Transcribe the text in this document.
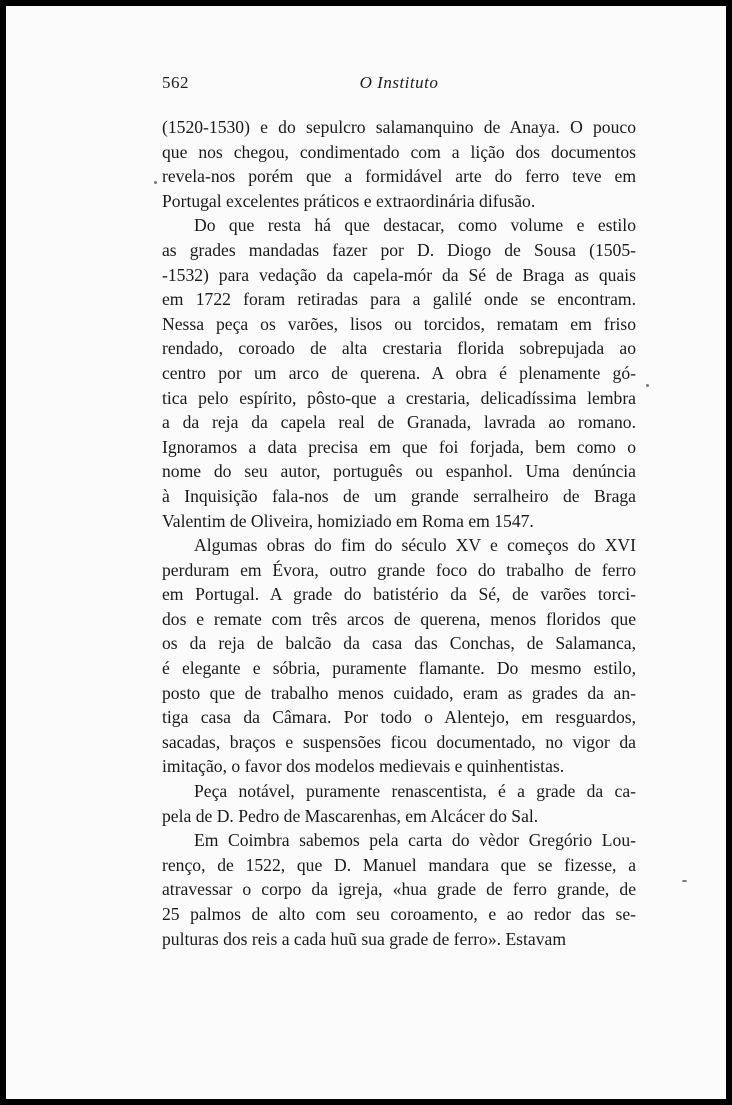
562	O Instituto
(1520-1530) e do sepulcro salamanquino de Anaya. O pouco
que nos chegou, condimentado com a lição dos documentos
revela-nos porém que a formidável arte do ferro teve em
Portugal excelentes práticos e extraordinária difusão.
Do que resta há que destacar, como volume e estilo
as grades mandadas fazer por D. Diogo de Sousa (1505-
-1532) para vedação da capela-mór da Sé de Braga as quais
em 1722 foram retiradas para a galilé onde se encontram.
Nessa peça os varões, lisos ou torcidos, rematam em friso
rendado, coroado de alta crestaria florida sobrepujada ao
centro por um arco de querena. A obra é plenamente gó-
tica pelo espírito, pôsto-que a crestaria, delicadíssima lembra
a da reja da capela real de Granada, lavrada ao romano.
Ignoramos a data precisa em que foi forjada, bem como o
nome do seu autor, português ou espanhol. Uma denúncia
à Inquisição fala-nos de um grande serralheiro de Braga
Valentim de Oliveira, homiziado em Roma em 1547.
Algumas obras do fim do século XV e começos do XVI
perduram em Évora, outro grande foco do trabalho de ferro
em Portugal. A grade do batistério da Sé, de varões torci-
dos e remate com três arcos de querena, menos floridos que
os da reja de balcão da casa das Conchas, de Salamanca,
é elegante e sóbria, puramente flamante. Do mesmo estilo,
posto que de trabalho menos cuidado, eram as grades da an-
tiga casa da Câmara. Por todo o Alentejo, em resguardos,
sacadas, braços e suspensões ficou documentado, no vigor da
imitação, o favor dos modelos medievais e quinhentistas.
Peça notável, puramente renascentista, é a grade da ca-
pela de D. Pedro de Mascarenhas, em Alcácer do Sal.
Em Coimbra sabemos pela carta do vèdor Gregório Lou-
renço, de 1522, que D. Manuel mandara que se fizesse, a
atravessar o corpo da igreja, «hua grade de ferro grande, de
25 palmos de alto com seu coroamento, e ao redor das se-
pulturas dos reis a cada huũ sua grade de ferro». Estavam
